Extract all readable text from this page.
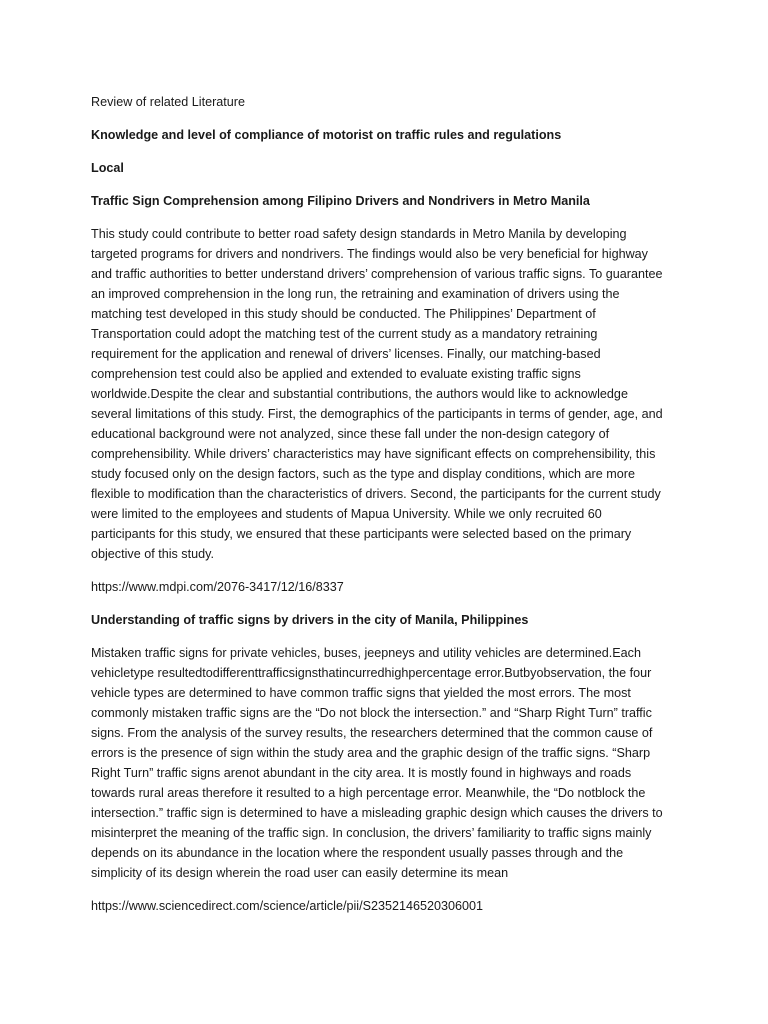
Review of related Literature

Knowledge and level of compliance of motorist on traffic rules and regulations

Local

Traffic Sign Comprehension among Filipino Drivers and Nondrivers in Metro Manila

This study could contribute to better road safety design standards in Metro Manila by developing

targeted programs for drivers and nondrivers. The findings would also be very beneficial for highway

and traffic authorities to better understand drivers’ comprehension of various traffic signs. To guarantee

an improved comprehension in the long run, the retraining and examination of drivers using the

matching test developed in this study should be conducted. The Philippines’ Department of

Transportation could adopt the matching test of the current study as a mandatory retraining

requirement for the application and renewal of drivers’ licenses. Finally, our matching-based

comprehension test could also be applied and extended to evaluate existing traffic signs

worldwide.Despite the clear and substantial contributions, the authors would like to acknowledge

several limitations of this study. First, the demographics of the participants in terms of gender, age, and

educational background were not analyzed, since these fall under the non-design category of

comprehensibility. While drivers’ characteristics may have significant effects on comprehensibility, this

study focused only on the design factors, such as the type and display conditions, which are more

flexible to modification than the characteristics of drivers. Second, the participants for the current study

were limited to the employees and students of Mapua University. While we only recruited 60

participants for this study, we ensured that these participants were selected based on the primary

objective of this study.

https://www.mdpi.com/2076-3417/12/16/8337

Understanding of traffic signs by drivers in the city of Manila, Philippines

Mistaken traffic signs for private vehicles, buses, jeepneys and utility vehicles are determined.Each

vehicletype resultedtodifferenttrafficsignsthatincurredhighpercentage error.Butbyobservation, the four

vehicle types are determined to have common traffic signs that yielded the most errors. The most

commonly mistaken traffic signs are the “Do not block the intersection.” and “Sharp Right Turn” traffic

signs. From the analysis of the survey results, the researchers determined that the common cause of

errors is the presence of sign within the study area and the graphic design of the traffic signs. “Sharp

Right Turn” traffic signs arenot abundant in the city area. It is mostly found in highways and roads

towards rural areas therefore it resulted to a high percentage error. Meanwhile, the “Do notblock the

intersection.” traffic sign is determined to have a misleading graphic design which causes the drivers to

misinterpret the meaning of the traffic sign. In conclusion, the drivers’ familiarity to traffic signs mainly

depends on its abundance in the location where the respondent usually passes through and the

simplicity of its design wherein the road user can easily determine its mean

https://www.sciencedirect.com/science/article/pii/S2352146520306001
